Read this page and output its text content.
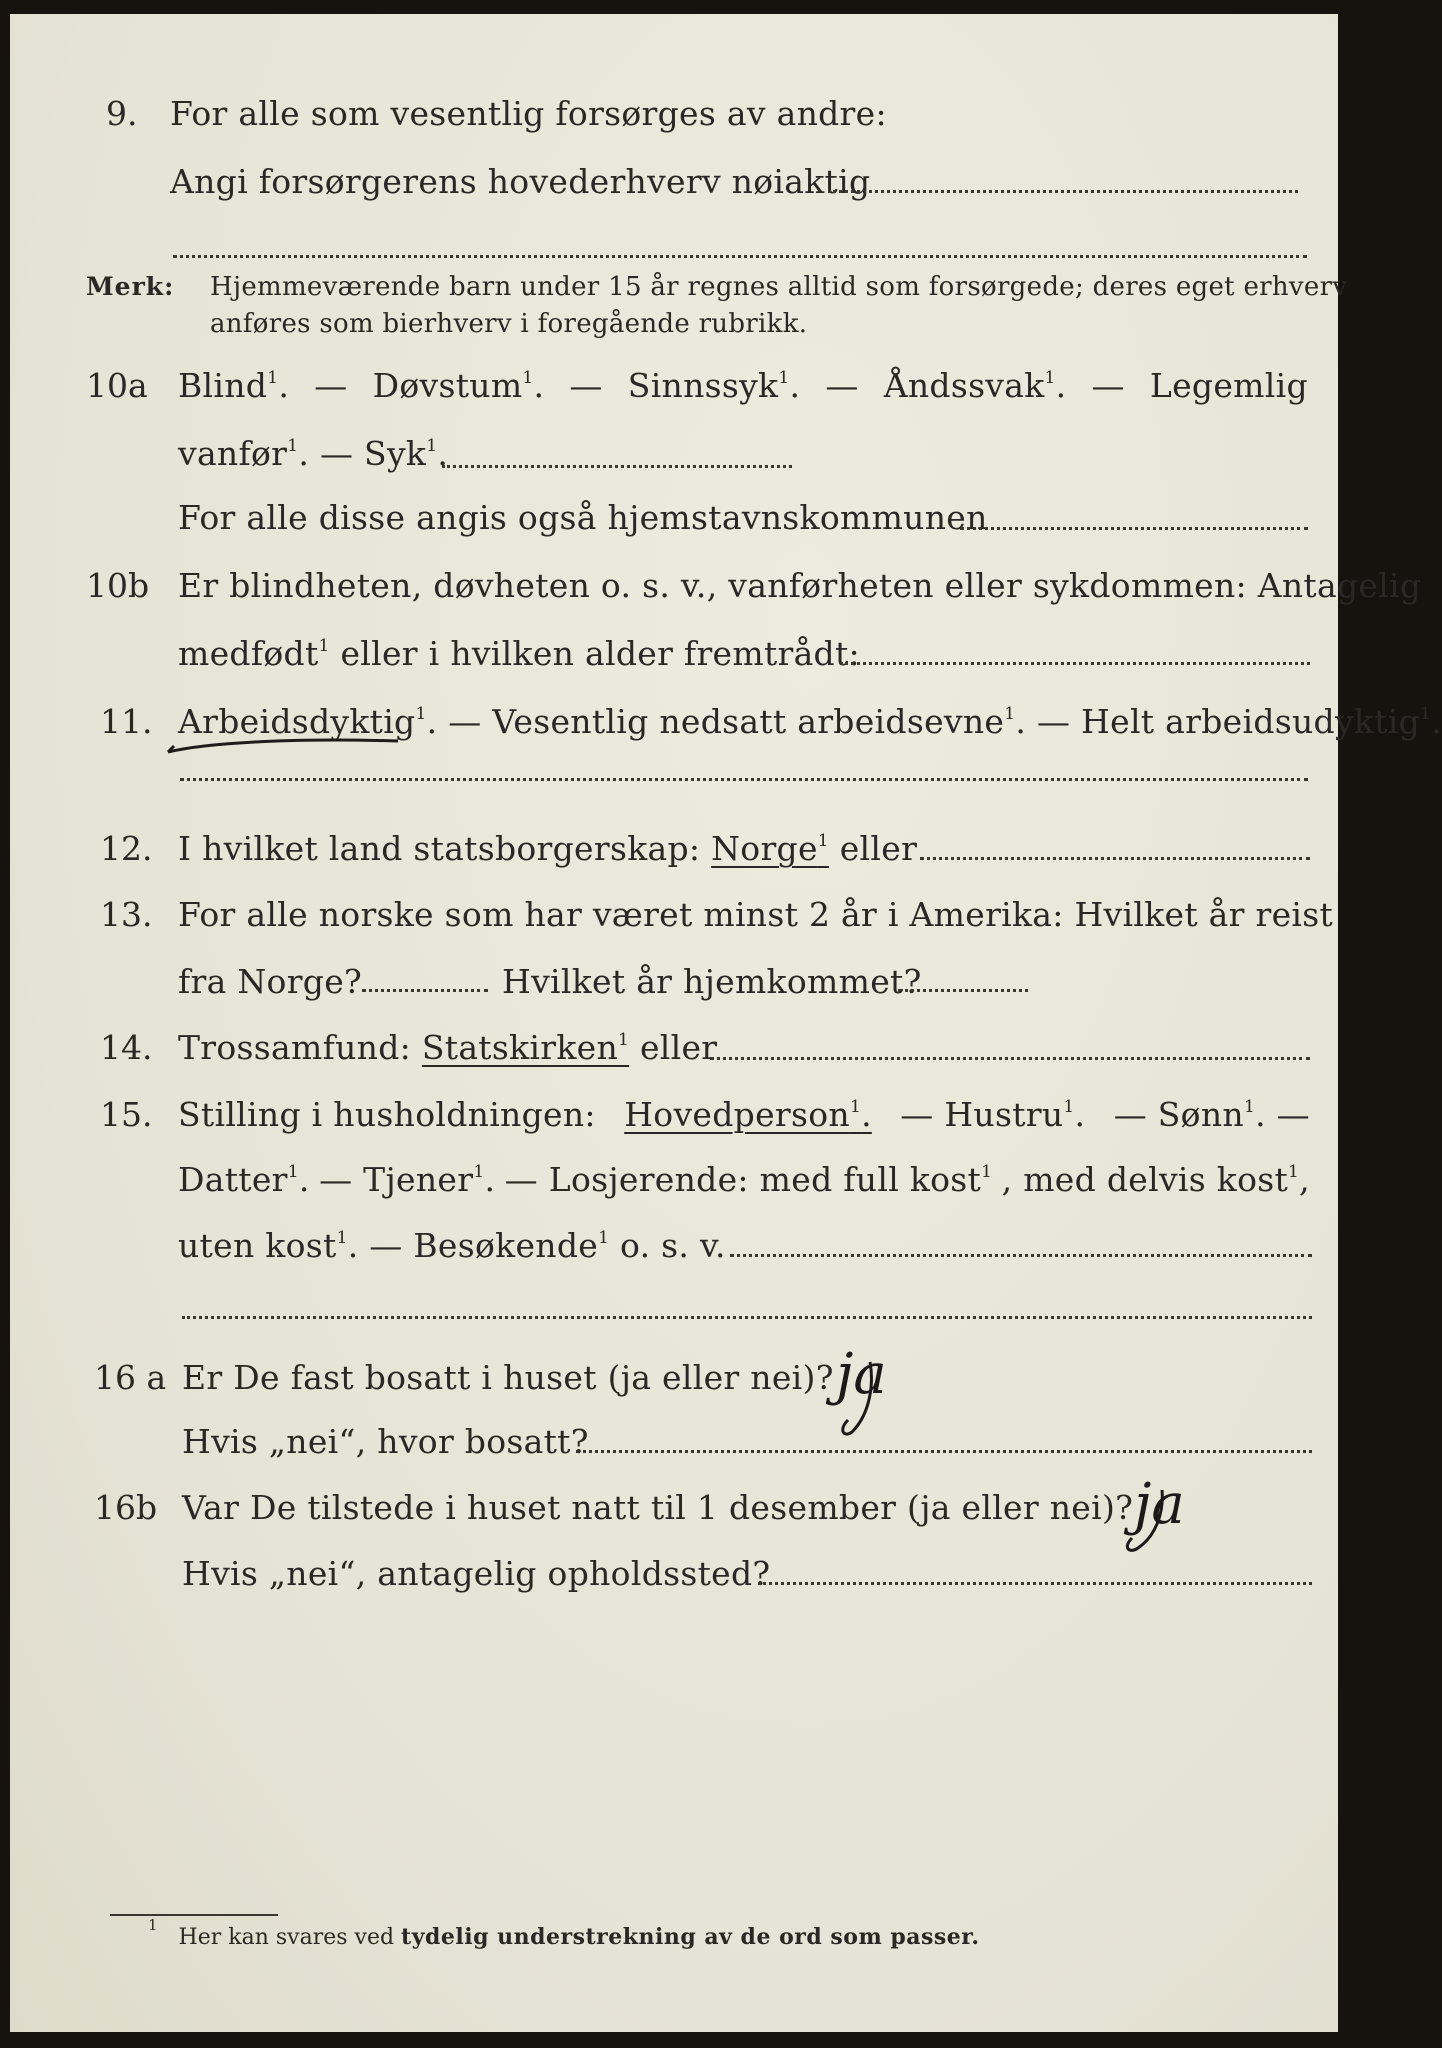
9. For alle som vesentlig forsørges av andre:
Angi forsørgerens hovederhverv nøiaktig
Merk: Hjemmeværende barn under 15 år regnes alltid som forsørgede; deres eget erhverv
anføres som bierhverv i foregående rubrikk.
10a Blind$^1$. — Døvstum$^1$. — Sinnssyk$^1$. — Åndssvak$^1$. — Legemlig
vanfør$^1$. — Syk$^1$.
For alle disse angis også hjemstavnskommunen
10b Er blindheten, døvheten o. s. v., vanførheten eller sykdommen: Antagelig
medfødt$^1$ eller i hvilken alder fremtrådt:
11. Arbeidsdyktig$^1$. — Vesentlig nedsatt arbeidsevne$^1$. — Helt arbeidsudyktig$^1$.
12. I hvilket land statsborgerskap: Norge$^1$ eller
13. For alle norske som har været minst 2 år i Amerika: Hvilket år reist
fra Norge?	Hvilket år hjemkommet?
14. Trossamfund: Statskirken$^1$ eller
15. Stilling i husholdningen: Hovedperson$^1$. — Hustru$^1$. — Sønn$^1$. —
Datter$^1$. — Tjener$^1$. — Losjerende: med full kost$^1$ , med delvis kost$^1$,
uten kost$^1$. — Besøkende$^1$ o. s. v.
16 a Er De fast bosatt i huset (ja eller nei)? ja
Hvis „nei“, hvor bosatt?
16b Var De tilstede i huset natt til 1 desember (ja eller nei)? ja
Hvis „nei“, antagelig opholdssted?
$^1$ Her kan svares ved tydelig understrekning av de ord som passer.
